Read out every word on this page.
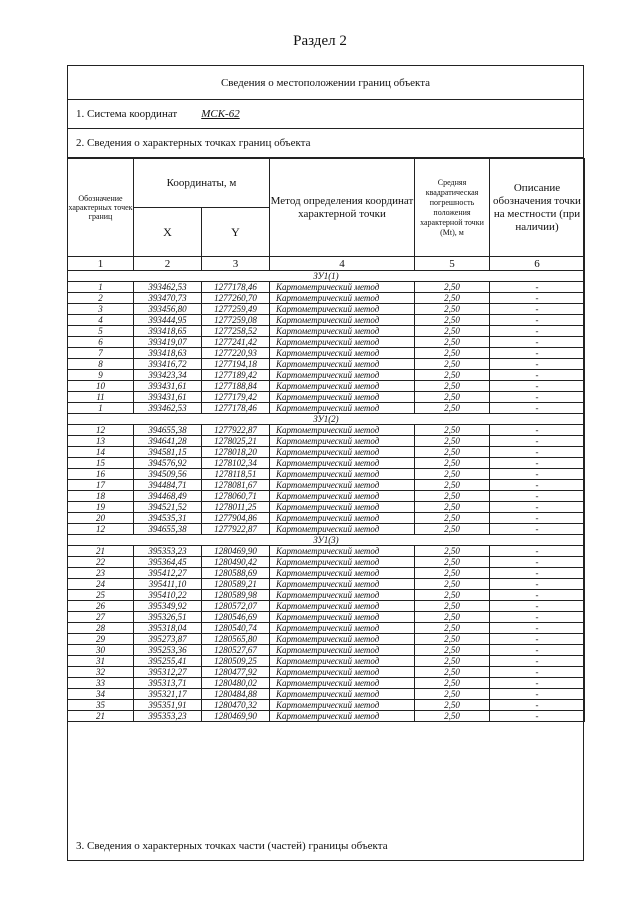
Раздел 2
Сведения о местоположении границ объекта
1. Система координат МСК-62
2. Сведения о характерных точках границ объекта
Обозначение характерных точек границ	Координаты, м		Метод определения координат характерной точки	Средняя квадратическая погрешность положения характерной точки (Mt), м	Описание обозначения точки на местности (при наличии)
	X	Y			
1	2	3	4	5	6
ЗУ1(1)					
1	393462,53	1277178,46	Картометрический метод	2,50	-
2	393470,73	1277260,70	Картометрический метод	2,50	-
3	393456,80	1277259,49	Картометрический метод	2,50	-
4	393444,95	1277259,08	Картометрический метод	2,50	-
5	393418,65	1277258,52	Картометрический метод	2,50	-
6	393419,07	1277241,42	Картометрический метод	2,50	-
7	393418,63	1277220,93	Картометрический метод	2,50	-
8	393416,72	1277194,18	Картометрический метод	2,50	-
9	393423,34	1277189,42	Картометрический метод	2,50	-
10	393431,61	1277188,84	Картометрический метод	2,50	-
11	393431,61	1277179,42	Картометрический метод	2,50	-
1	393462,53	1277178,46	Картометрический метод	2,50	-
ЗУ1(2)					
12	394655,38	1277922,87	Картометрический метод	2,50	-
13	394641,28	1278025,21	Картометрический метод	2,50	-
14	394581,15	1278018,20	Картометрический метод	2,50	-
15	394576,92	1278102,34	Картометрический метод	2,50	-
16	394509,56	1278118,51	Картометрический метод	2,50	-
17	394484,71	1278081,67	Картометрический метод	2,50	-
18	394468,49	1278060,71	Картометрический метод	2,50	-
19	394521,52	1278011,25	Картометрический метод	2,50	-
20	394535,31	1277904,86	Картометрический метод	2,50	-
12	394655,38	1277922,87	Картометрический метод	2,50	-
ЗУ1(3)					
21	395353,23	1280469,90	Картометрический метод	2,50	-
22	395364,45	1280490,42	Картометрический метод	2,50	-
23	395412,27	1280588,69	Картометрический метод	2,50	-
24	395411,10	1280589,21	Картометрический метод	2,50	-
25	395410,22	1280589,98	Картометрический метод	2,50	-
26	395349,92	1280572,07	Картометрический метод	2,50	-
27	395326,51	1280546,69	Картометрический метод	2,50	-
28	395318,04	1280540,74	Картометрический метод	2,50	-
29	395273,87	1280565,80	Картометрический метод	2,50	-
30	395253,36	1280527,67	Картометрический метод	2,50	-
31	395255,41	1280509,25	Картометрический метод	2,50	-
32	395312,27	1280477,92	Картометрический метод	2,50	-
33	395313,71	1280480,02	Картометрический метод	2,50	-
34	395321,17	1280484,88	Картометрический метод	2,50	-
35	395351,91	1280470,32	Картометрический метод	2,50	-
21	395353,23	1280469,90	Картометрический метод	2,50	-
3. Сведения о характерных точках части (частей) границы объекта
